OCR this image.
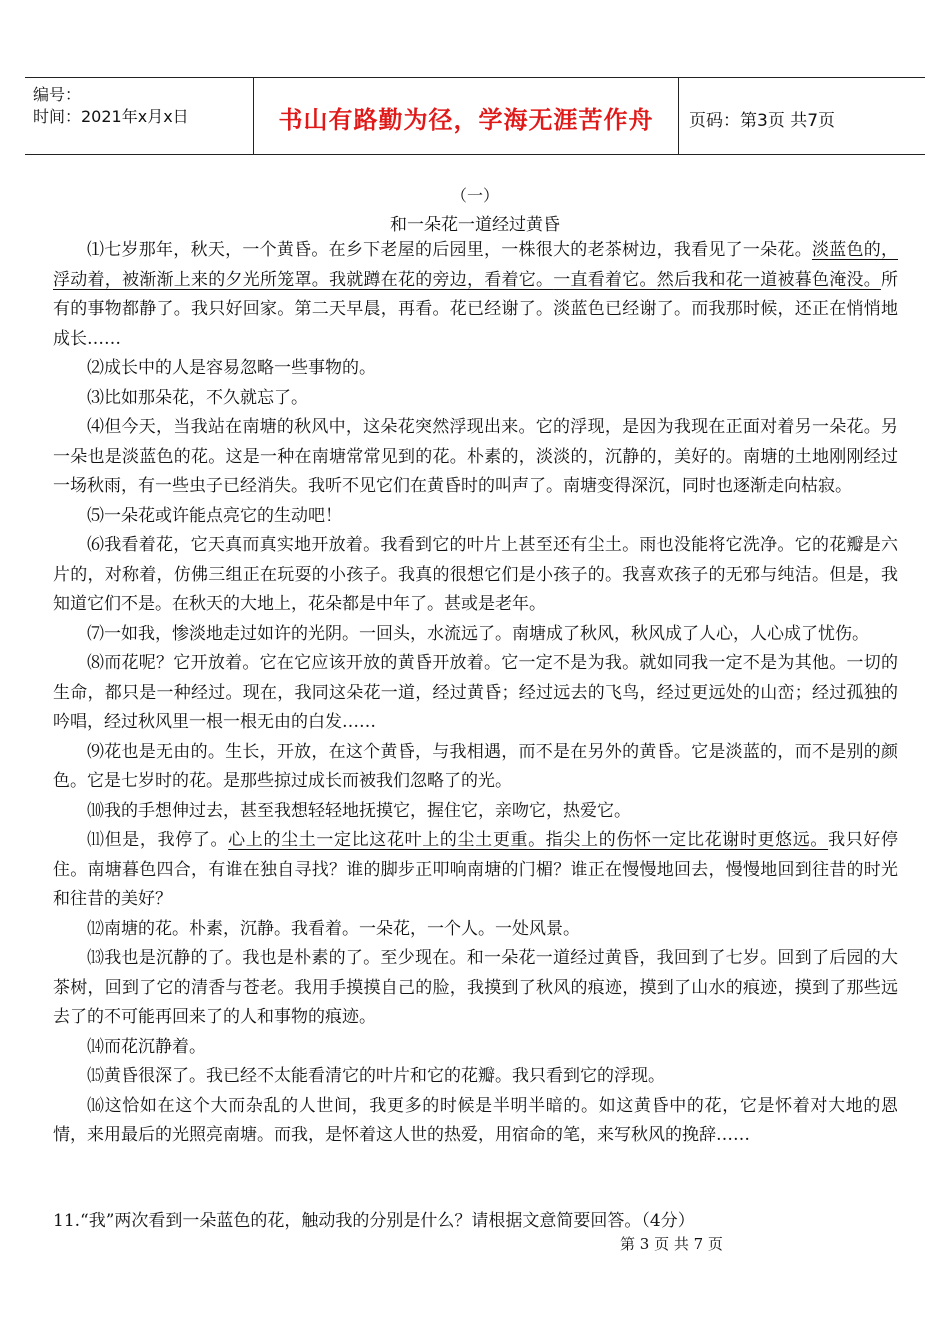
编号：
时间：2021年x月x日	书山有路勤为径，学海无涯苦作舟	页码：第3页 共7页
（一）
和一朵花一道经过黄昏

⑴七岁那年，秋天，一个黄昏。在乡下老屋的后园里，一株很大的老茶树边，我看见了一朵花。淡蓝色的，浮动着，被渐渐上来的夕光所笼罩。我就蹲在花的旁边，看着它。一直看着它。然后我和花一道被暮色淹没。所有的事物都静了。我只好回家。第二天早晨，再看。花已经谢了。淡蓝色已经谢了。而我那时候，还正在悄悄地成长……

⑵成长中的人是容易忽略一些事物的。

⑶比如那朵花，不久就忘了。

⑷但今天，当我站在南塘的秋风中，这朵花突然浮现出来。它的浮现，是因为我现在正面对着另一朵花。另一朵也是淡蓝色的花。这是一种在南塘常常见到的花。朴素的，淡淡的，沉静的，美好的。南塘的土地刚刚经过一场秋雨，有一些虫子已经消失。我听不见它们在黄昏时的叫声了。南塘变得深沉，同时也逐渐走向枯寂。

⑸一朵花或许能点亮它的生动吧！

⑹我看着花，它天真而真实地开放着。我看到它的叶片上甚至还有尘土。雨也没能将它洗净。它的花瓣是六片的，对称着，仿佛三组正在玩耍的小孩子。我真的很想它们是小孩子的。我喜欢孩子的无邪与纯洁。但是，我知道它们不是。在秋天的大地上，花朵都是中年了。甚或是老年。

⑺一如我，惨淡地走过如许的光阴。一回头，水流远了。南塘成了秋风，秋风成了人心，人心成了忧伤。

⑻而花呢？它开放着。它在它应该开放的黄昏开放着。它一定不是为我。就如同我一定不是为其他。一切的生命，都只是一种经过。现在，我同这朵花一道，经过黄昏；经过远去的飞鸟，经过更远处的山峦；经过孤独的吟唱，经过秋风里一根一根无由的白发……

⑼花也是无由的。生长，开放，在这个黄昏，与我相遇，而不是在另外的黄昏。它是淡蓝的，而不是别的颜色。它是七岁时的花。是那些掠过成长而被我们忽略了的光。

⑽我的手想伸过去，甚至我想轻轻地抚摸它，握住它，亲吻它，热爱它。

⑾但是，我停了。心上的尘土一定比这花叶上的尘土更重。指尖上的伤怀一定比花谢时更悠远。我只好停住。南塘暮色四合，有谁在独自寻找？谁的脚步正叩响南塘的门楣？谁正在慢慢地回去，慢慢地回到往昔的时光和往昔的美好？

⑿南塘的花。朴素，沉静。我看着。一朵花，一个人。一处风景。

⒀我也是沉静的了。我也是朴素的了。至少现在。和一朵花一道经过黄昏，我回到了七岁。回到了后园的大茶树，回到了它的清香与苍老。我用手摸摸自己的脸，我摸到了秋风的痕迹，摸到了山水的痕迹，摸到了那些远去了的不可能再回来了的人和事物的痕迹。

⒁而花沉静着。

⒂黄昏很深了。我已经不太能看清它的叶片和它的花瓣。我只看到它的浮现。

⒃这恰如在这个大而杂乱的人世间，我更多的时候是半明半暗的。如这黄昏中的花，它是怀着对大地的恩情，来用最后的光照亮南塘。而我，是怀着这人世的热爱，用宿命的笔，来写秋风的挽辞……

11.“我”两次看到一朵蓝色的花，触动我的分别是什么？请根据文意简要回答。（4分）
第 3 页 共 7 页
